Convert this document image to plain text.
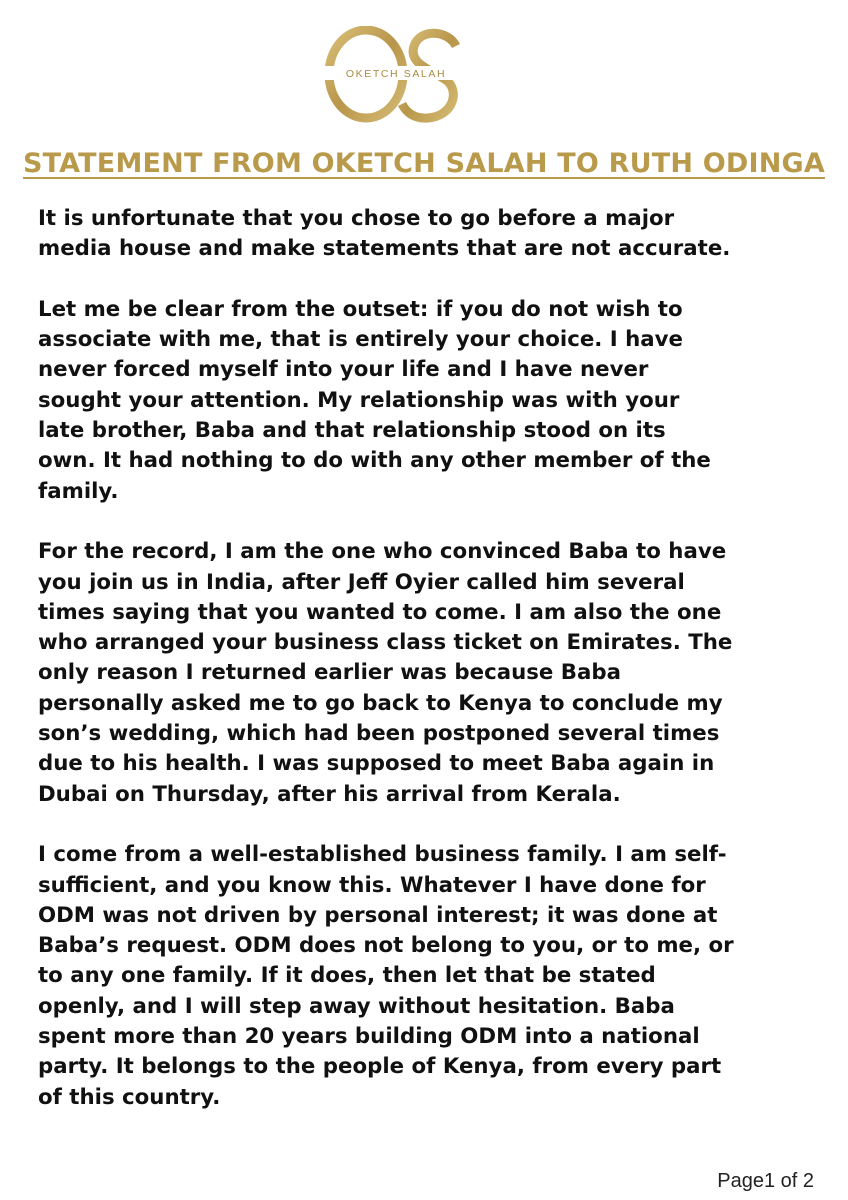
OKETCH SALAH
STATEMENT FROM OKETCH SALAH TO RUTH ODINGA
It is unfortunate that you chose to go before a major
media house and make statements that are not accurate.
Let me be clear from the outset: if you do not wish to
associate with me, that is entirely your choice. I have
never forced myself into your life and I have never
sought your attention. My relationship was with your
late brother, Baba and that relationship stood on its
own. It had nothing to do with any other member of the
family.
For the record, I am the one who convinced Baba to have
you join us in India, after Jeff Oyier called him several
times saying that you wanted to come. I am also the one
who arranged your business class ticket on Emirates. The
only reason I returned earlier was because Baba
personally asked me to go back to Kenya to conclude my
son’s wedding, which had been postponed several times
due to his health. I was supposed to meet Baba again in
Dubai on Thursday, after his arrival from Kerala.
I come from a well-established business family. I am self-
sufficient, and you know this. Whatever I have done for
ODM was not driven by personal interest; it was done at
Baba’s request. ODM does not belong to you, or to me, or
to any one family. If it does, then let that be stated
openly, and I will step away without hesitation. Baba
spent more than 20 years building ODM into a national
party. It belongs to the people of Kenya, from every part
of this country.
Page1 of 2
